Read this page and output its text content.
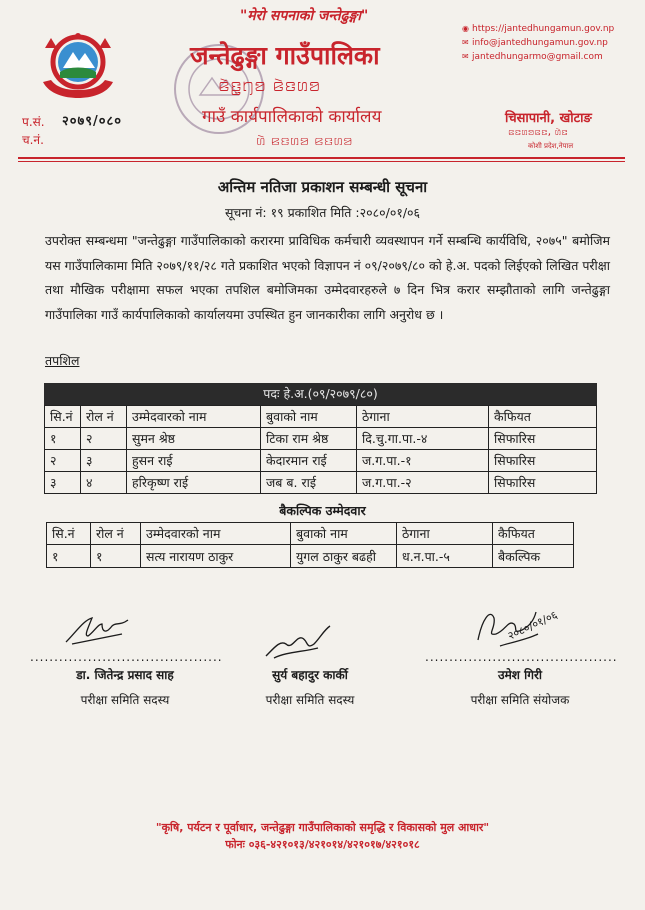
"मेरो सपनाको जन्तेढुङ्गा"
जन्तेढुङ्गा गाउँपालिका
ꤕꤧꤢ꤭ꤚꤤ ꤕꤧꤢꤛꤤ
गाउँ कार्यपालिकाको कार्यालय
ꤛꤧ ꤕꤢꤛꤤ ꤕꤢꤛꤤ
◉ https://jantedhungamun.gov.np
✉ info@jantedhungamun.gov.np
✉ jantedhungarmo@gmail.com
प.सं. २०७९/०८०
च.नं.
चिसापानी, खोटाङ
ꤕꤢꤛꤤꤕꤢ, ꤛꤧꤢ
कोशी प्रदेश,नेपाल
अन्तिम नतिजा प्रकाशन सम्बन्धी सूचना
सूचना नं: १९ प्रकाशित मिति :२०८०/०१/०६
उपरोक्त सम्बन्धमा "जन्तेढुङ्गा गाउँपालिकाको करारमा प्राविधिक कर्मचारी व्यवस्थापन गर्ने सम्बन्धि कार्यविधि, २०७५" बमोजिम यस गाउँपालिकामा मिति २०७९/११/२८ गते प्रकाशित भएको विज्ञापन नं ०९/२०७९/८० को हे.अ. पदको लिईएको लिखित परीक्षा तथा मौखिक परीक्षामा सफल भएका तपशिल बमोजिमका उम्मेदवारहरुले ७ दिन भित्र करार सम्झौताको लागि जन्तेढुङ्गा गाउँपालिका गाउँ कार्यपालिकाको कार्यालयमा उपस्थित हुन जानकारीका लागि अनुरोध छ ।
तपशिल
पदः हे.अ.(०९/२०७९/८०)
सि.नं	रोल नं	उम्मेदवारको नाम	बुवाको नाम	ठेगाना	कैफियत
१	२	सुमन श्रेष्ठ	टिका राम श्रेष्ठ	दि.चु.गा.पा.-४	सिफारिस
२	३	हुसन राई	केदारमान राई	ज.ग.पा.-१	सिफारिस
३	४	हरिकृष्ण राई	जब ब. राई	ज.ग.पा.-२	सिफारिस
बैकल्पिक उम्मेदवार
सि.नं	रोल नं	उम्मेदवारको नाम	बुवाको नाम	ठेगाना	कैफियत
१	१	सत्य नारायण ठाकुर	युगल ठाकुर बढही	ध.न.पा.-५	बैकल्पिक
२०८०/०१/०६
........................................
डा. जितेन्द्र प्रसाद साह
परीक्षा समिति सदस्य
सुर्य बहादुर कार्की
परीक्षा समिति सदस्य
........................................
उमेश गिरी
परीक्षा समिति संयोजक
"कृषि, पर्यटन र पूर्वाधार, जन्तेढुङ्गा गाउँपालिकाको समृद्धि र विकासको मुल आधार"
फोनः ०३६-४२१०१३/४२१०१४/४२१०१७/४२१०१८
